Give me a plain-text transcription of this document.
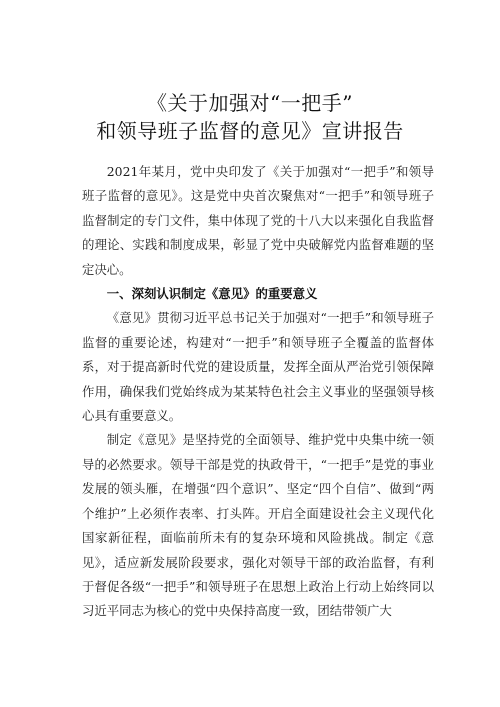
《关于加强对“一把手”
和领导班子监督的意见》宣讲报告

2021年某月，党中央印发了《关于加强对“一把手”和领导班子监督的意见》。这是党中央首次聚焦对“一把手”和领导班子监督制定的专门文件，集中体现了党的十八大以来强化自我监督的理论、实践和制度成果，彰显了党中央破解党内监督难题的坚定决心。

一、深刻认识制定《意见》的重要意义

《意见》贯彻习近平总书记关于加强对“一把手”和领导班子监督的重要论述，构建对“一把手”和领导班子全覆盖的监督体系，对于提高新时代党的建设质量，发挥全面从严治党引领保障作用，确保我们党始终成为某某特色社会主义事业的坚强领导核心具有重要意义。

制定《意见》是坚持党的全面领导、维护党中央集中统一领导的必然要求。领导干部是党的执政骨干，“一把手”是党的事业发展的领头雁，在增强“四个意识”、坚定“四个自信”、做到“两个维护”上必须作表率、打头阵。开启全面建设社会主义现代化国家新征程，面临前所未有的复杂环境和风险挑战。制定《意见》，适应新发展阶段要求，强化对领导干部的政治监督，有利于督促各级“一把手”和领导班子在思想上政治上行动上始终同以习近平同志为核心的党中央保持高度一致，团结带领广大
